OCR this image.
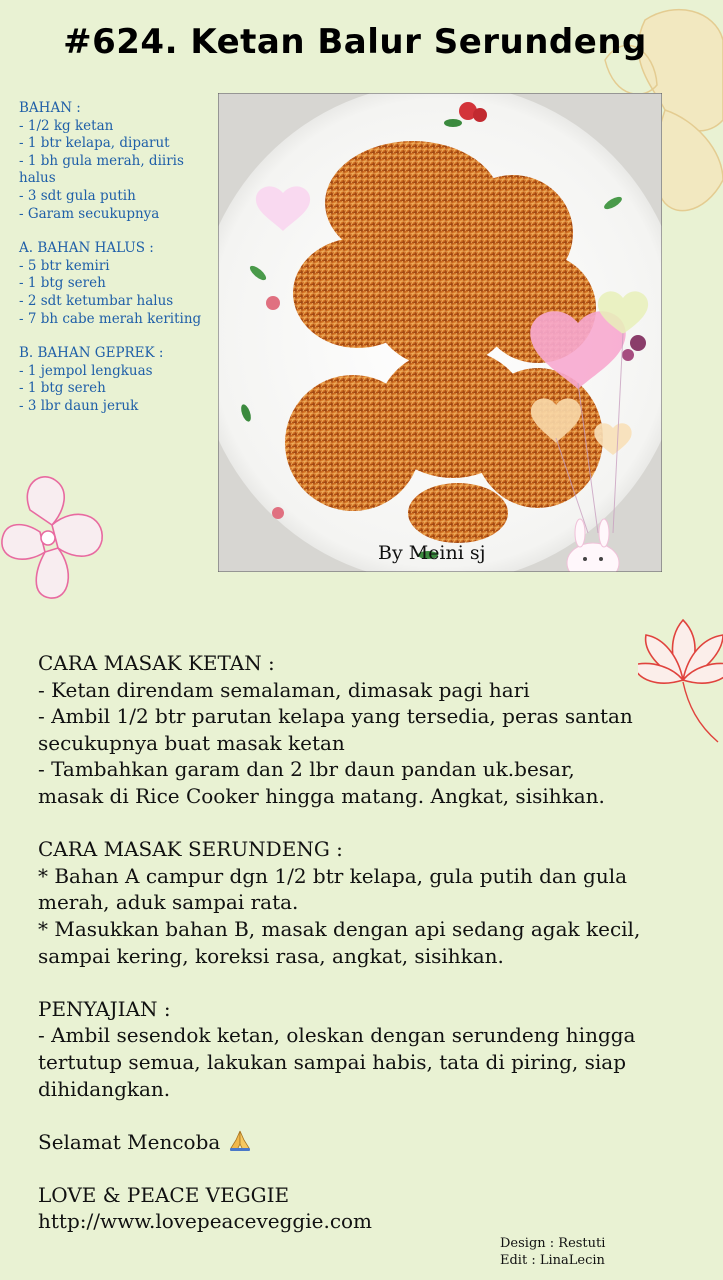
#624. Ketan Balur Serundeng
BAHAN :
- 1/2 kg ketan
- 1 btr kelapa, diparut
- 1 bh gula merah, diiris
halus
- 3 sdt gula putih
- Garam secukupnya
A. BAHAN HALUS :
- 5 btr kemiri
- 1 btg sereh
- 2 sdt ketumbar halus
- 7 bh cabe merah keriting
B. BAHAN GEPREK :
- 1 jempol lengkuas
- 1 btg sereh
- 3 lbr daun jeruk
By Meini sj
CARA MASAK KETAN :
- Ketan direndam semalaman, dimasak pagi hari
- Ambil 1/2 btr parutan kelapa yang tersedia, peras santan
secukupnya buat masak ketan
- Tambahkan garam dan 2 lbr daun pandan uk.besar,
masak di Rice Cooker hingga matang. Angkat, sisihkan.
CARA MASAK SERUNDENG :
* Bahan A campur dgn 1/2 btr kelapa, gula putih dan gula
merah, aduk sampai rata.
* Masukkan bahan B, masak dengan api sedang agak kecil,
sampai kering, koreksi rasa, angkat, sisihkan.
PENYAJIAN :
- Ambil sesendok ketan, oleskan dengan serundeng hingga
tertutup semua, lakukan sampai habis, tata di piring, siap
dihidangkan.
Selamat Mencoba
LOVE & PEACE VEGGIE
http://www.lovepeaceveggie.com
Design : Restuti
Edit : LinaLecin
